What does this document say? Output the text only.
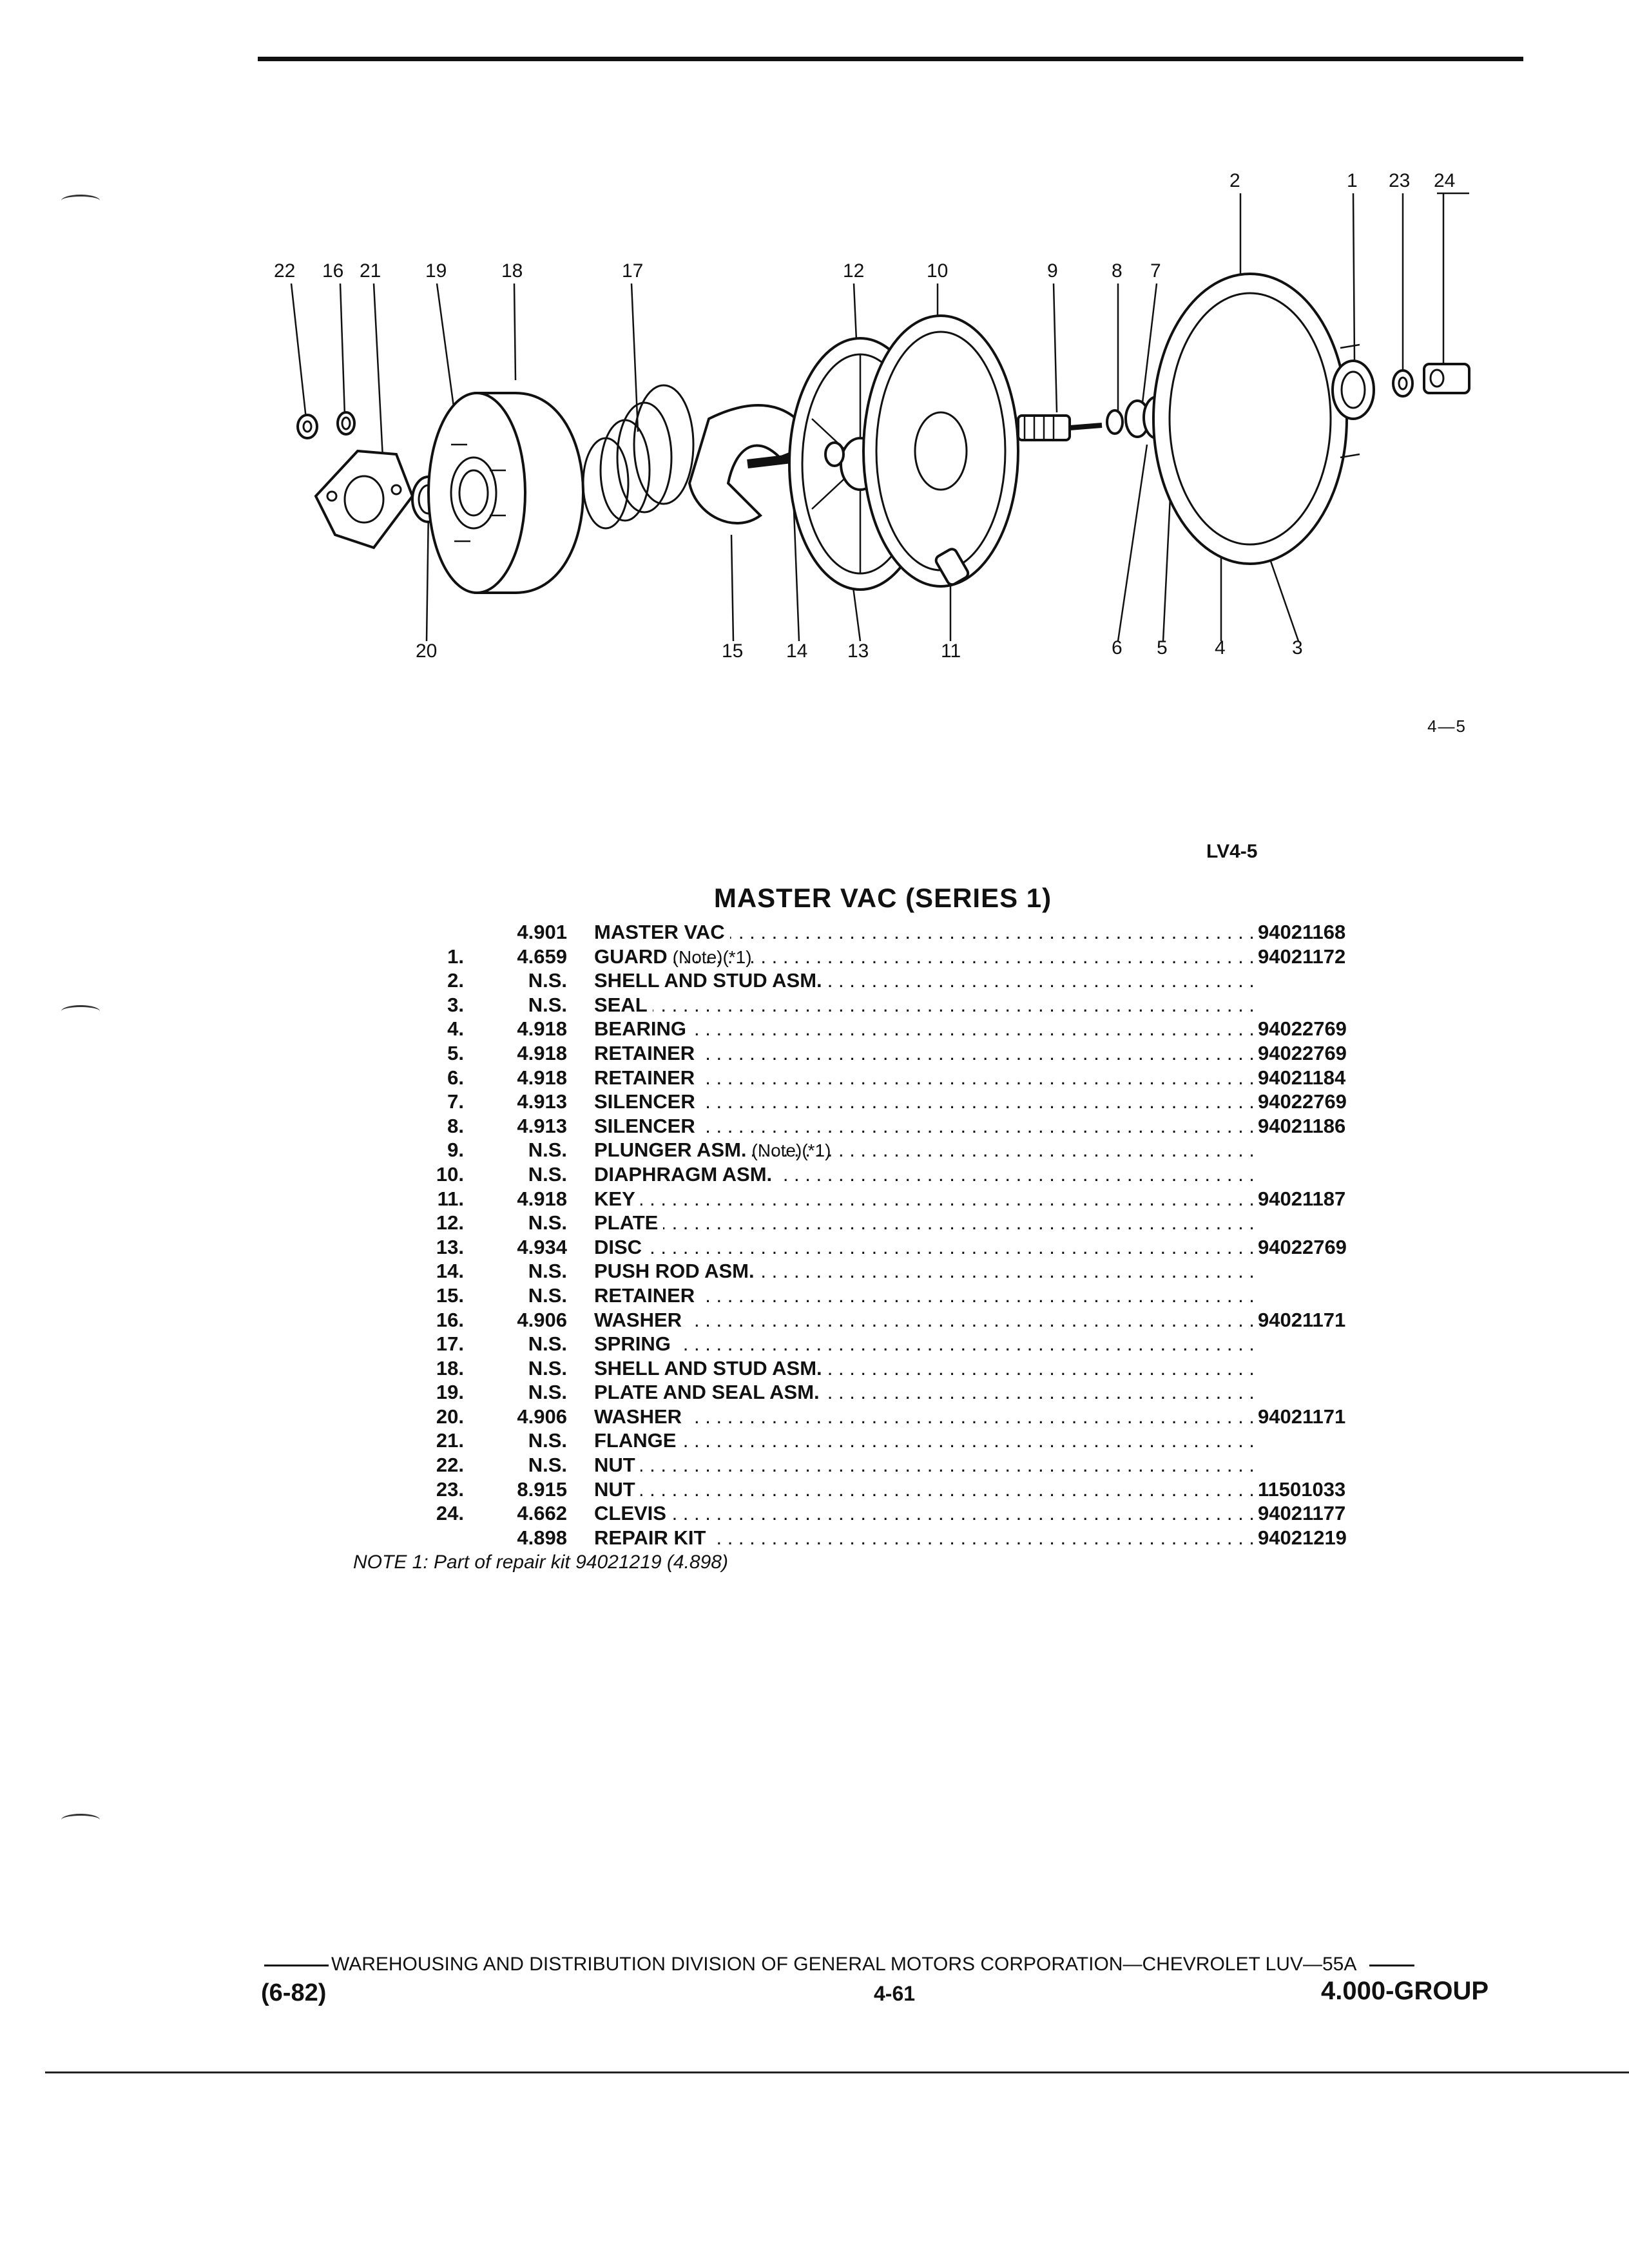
2	1 23 24
22 16 21 19	18	17	12	10	9	8 7
20	15 14 13	11	6 5 4	3
4—5
LV4-5
MASTER VAC (SERIES 1)
4.901 MASTER VAC . . .	94021168
1.	4.659 GUARD (Note)(*1) . . .	94021172
2.	N.S. SHELL AND STUD ASM. . . .
3.	N.S. SEAL . . .
4.	4.918 BEARING . . .	94022769
5.	4.918 RETAINER . . .	94022769
6.	4.918 RETAINER . . .	94021184
7.	4.913 SILENCER . . .	94022769
8.	4.913 SILENCER . . .	94021186
9.	N.S. PLUNGER ASM. (Note)(*1) . . .
10.	N.S. DIAPHRAGM ASM. . . .
11.	4.918 KEY . . .	94021187
12.	N.S. PLATE . . .
13.	4.934 DISC . . .	94022769
14.	N.S. PUSH ROD ASM. . . .
15.	N.S. RETAINER . . .
16.	4.906 WASHER . . .	94021171
17.	N.S. SPRING . . .
18.	N.S. SHELL AND STUD ASM. . . .
19.	N.S. PLATE AND SEAL ASM. . . .
20.	4.906 WASHER . . .	94021171
21.	N.S. FLANGE . . .
22.	N.S. NUT . . .
23.	8.915 NUT . . .	11501033
24.	4.662 CLEVIS . . .	94021177
4.898 REPAIR KIT . . .	94021219
NOTE 1: Part of repair kit 94021219 (4.898)
WAREHOUSING AND DISTRIBUTION DIVISION OF GENERAL MOTORS CORPORATION—CHEVROLET LUV—55A
(6-82)	4-61	4.000-GROUP
